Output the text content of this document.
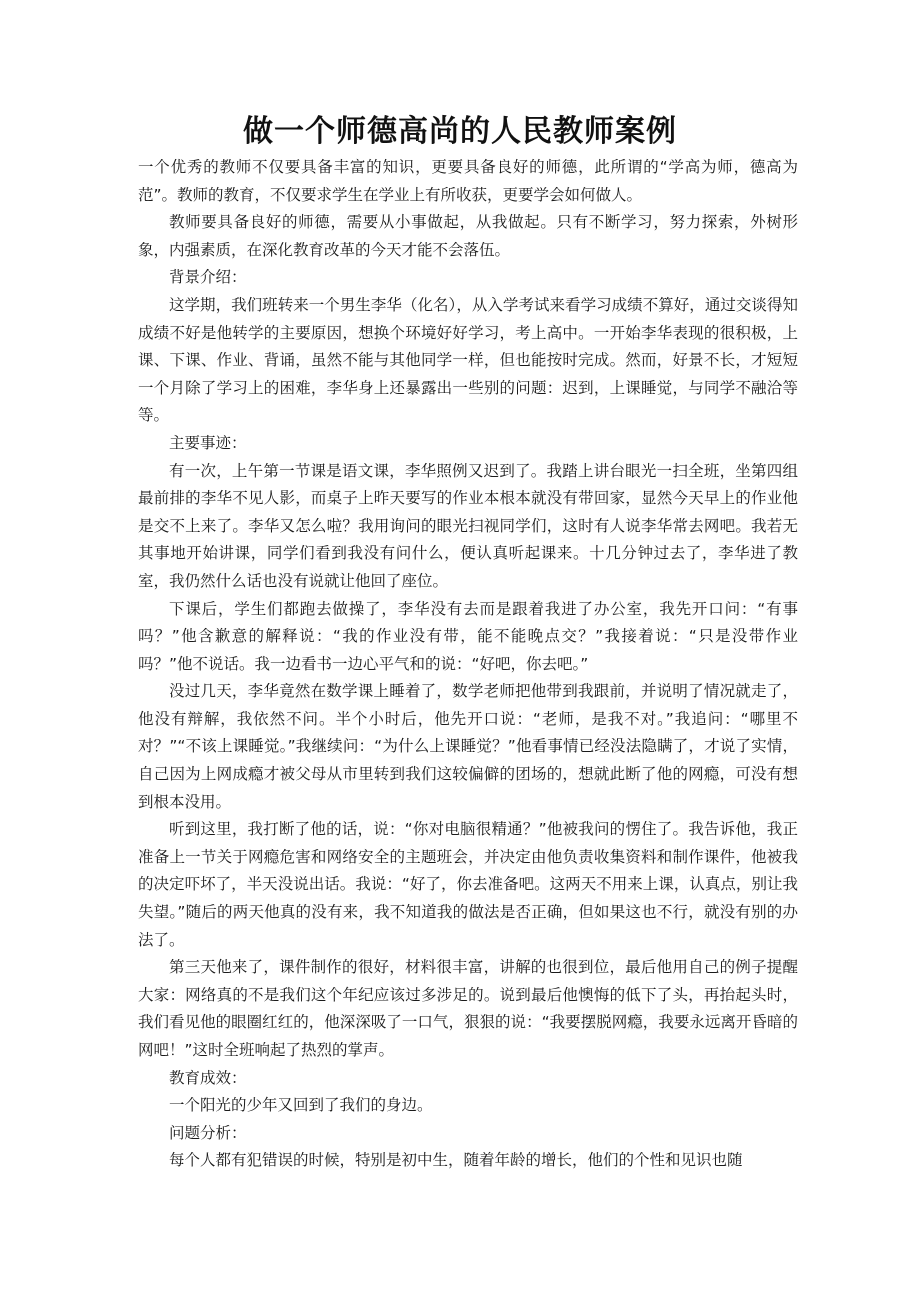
做一个师德高尚的人民教师案例

一个优秀的教师不仅要具备丰富的知识，更要具备良好的师德，此所谓的“学高为师，德高为范”。教师的教育，不仅要求学生在学业上有所收获，更要学会如何做人。

教师要具备良好的师德，需要从小事做起，从我做起。只有不断学习，努力探索，外树形象，内强素质，在深化教育改革的今天才能不会落伍。

背景介绍：

这学期，我们班转来一个男生李华（化名），从入学考试来看学习成绩不算好，通过交谈得知成绩不好是他转学的主要原因，想换个环境好好学习，考上高中。一开始李华表现的很积极，上课、下课、作业、背诵，虽然不能与其他同学一样，但也能按时完成。然而，好景不长，才短短一个月除了学习上的困难，李华身上还暴露出一些别的问题：迟到，上课睡觉，与同学不融洽等等。

主要事迹：

有一次，上午第一节课是语文课，李华照例又迟到了。我踏上讲台眼光一扫全班，坐第四组最前排的李华不见人影，而桌子上昨天要写的作业本根本就没有带回家，显然今天早上的作业他是交不上来了。李华又怎么啦？我用询问的眼光扫视同学们，这时有人说李华常去网吧。我若无其事地开始讲课，同学们看到我没有问什么，便认真听起课来。十几分钟过去了，李华进了教室，我仍然什么话也没有说就让他回了座位。

下课后，学生们都跑去做操了，李华没有去而是跟着我进了办公室，我先开口问：“有事吗？”他含歉意的解释说：“我的作业没有带，能不能晚点交？”我接着说：“只是没带作业吗？”他不说话。我一边看书一边心平气和的说：“好吧，你去吧。”

没过几天，李华竟然在数学课上睡着了，数学老师把他带到我跟前，并说明了情况就走了，他没有辩解，我依然不问。半个小时后，他先开口说：“老师，是我不对。”我追问：“哪里不对？”“不该上课睡觉。”我继续问：“为什么上课睡觉？”他看事情已经没法隐瞒了，才说了实情，自己因为上网成瘾才被父母从市里转到我们这较偏僻的团场的，想就此断了他的网瘾，可没有想到根本没用。

听到这里，我打断了他的话，说：“你对电脑很精通？”他被我问的愣住了。我告诉他，我正准备上一节关于网瘾危害和网络安全的主题班会，并决定由他负责收集资料和制作课件，他被我的决定吓坏了，半天没说出话。我说：“好了，你去准备吧。这两天不用来上课，认真点，别让我失望。”随后的两天他真的没有来，我不知道我的做法是否正确，但如果这也不行，就没有别的办法了。

第三天他来了，课件制作的很好，材料很丰富，讲解的也很到位，最后他用自己的例子提醒大家：网络真的不是我们这个年纪应该过多涉足的。说到最后他懊悔的低下了头，再抬起头时，我们看见他的眼圈红红的，他深深吸了一口气，狠狠的说：“我要摆脱网瘾，我要永远离开昏暗的网吧！”这时全班响起了热烈的掌声。

教育成效：

一个阳光的少年又回到了我们的身边。

问题分析：

每个人都有犯错误的时候，特别是初中生，随着年龄的增长，他们的个性和见识也随
